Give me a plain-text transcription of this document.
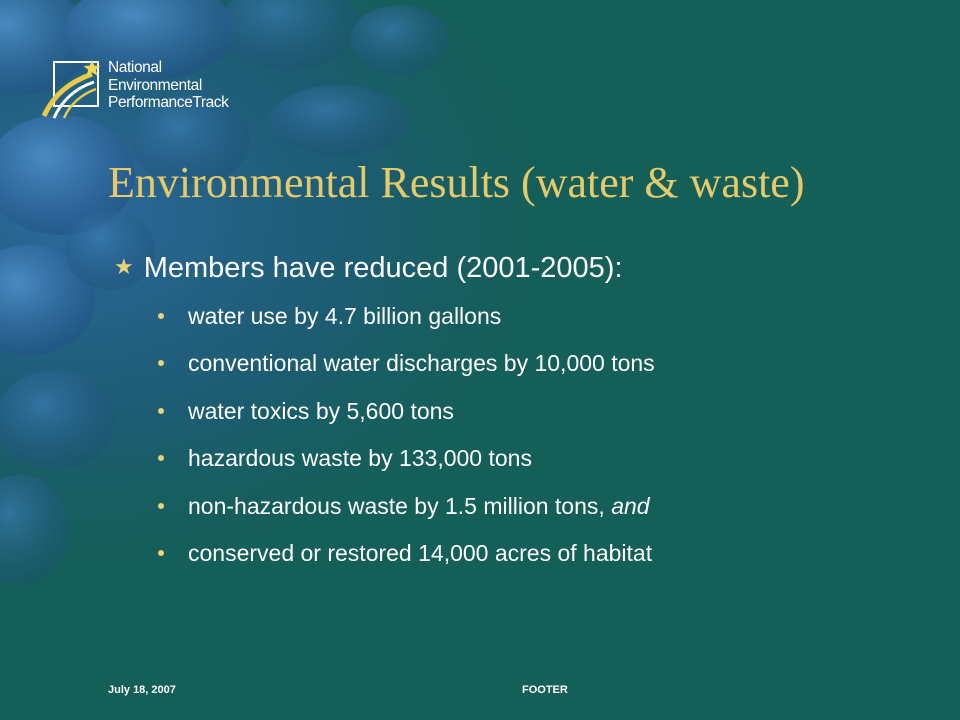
National
Environmental
PerformanceTrack
Environmental Results (water & waste)
★ Members have reduced (2001-2005):
water use by 4.7 billion gallons
conventional water discharges by 10,000 tons
water toxics by 5,600 tons
hazardous waste by 133,000 tons
non-hazardous waste by 1.5 million tons, and
conserved or restored 14,000 acres of habitat
July 18, 2007	FOOTER
